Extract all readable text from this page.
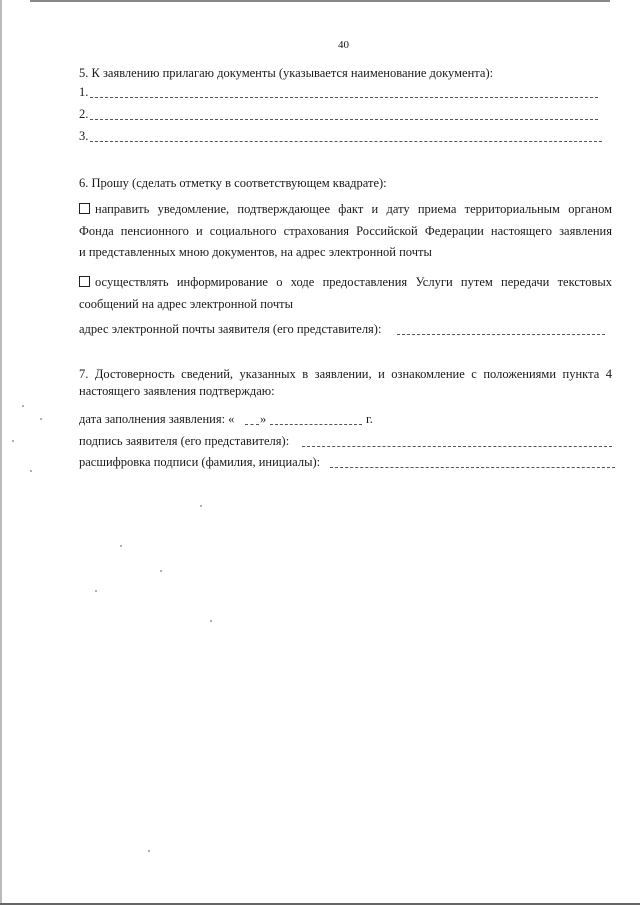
40
5. К заявлению прилагаю документы (указывается наименование документа):
1.
2.
3.
6. Прошу (сделать отметку в соответствующем квадрате):
направить уведомление, подтверждающее факт и дату приема территориальным органом
Фонда пенсионного и социального страхования Российской Федерации настоящего заявления
и представленных мною документов, на адрес электронной почты
осуществлять информирование о ходе предоставления Услуги путем передачи текстовых
сообщений на адрес электронной почты
адрес электронной почты заявителя (его представителя):
7. Достоверность сведений, указанных в заявлении, и ознакомление с положениями пункта 4
настоящего заявления подтверждаю:
дата заполнения заявления: « »	г.
подпись заявителя (его представителя):
расшифровка подписи (фамилия, инициалы):
